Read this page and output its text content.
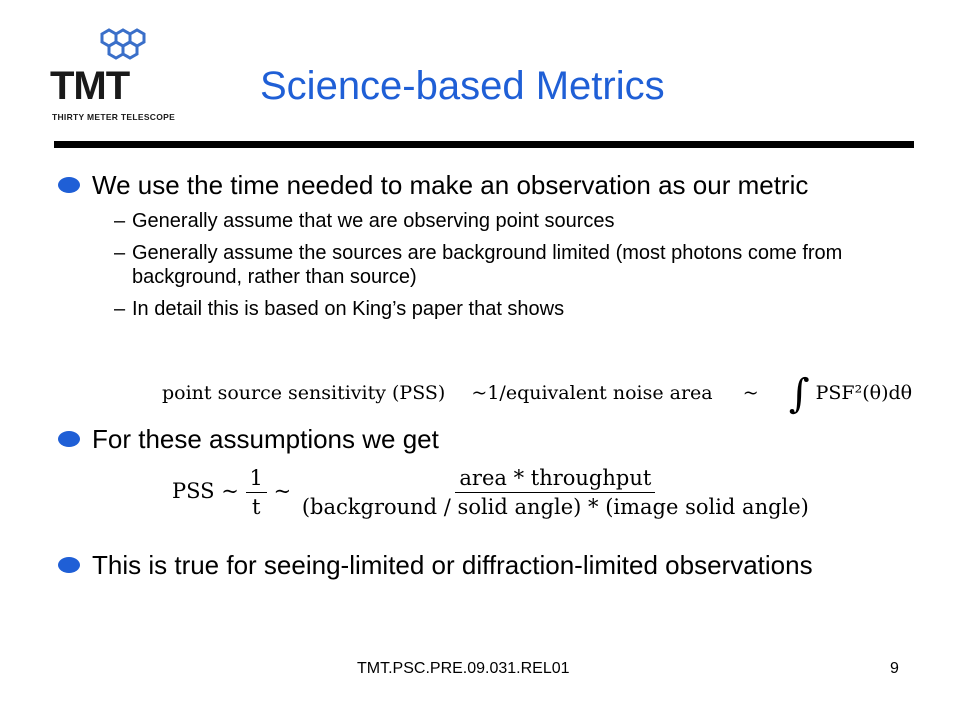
TMT
THIRTY METER TELESCOPE
Science-based Metrics
We use the time needed to make an observation as our metric
– Generally assume that we are observing point sources
– Generally assume the sources are background limited (most photons come from background, rather than source)
– In detail this is based on King’s paper that shows
point source sensitivity (PSS) ~1/equivalent noise area ~ ∫ PSF²(θ)dθ
For these assumptions we get
PSS ~ $\frac{1}{t}$ ~ $\frac{\text{area * throughput}}{\text{(background / solid angle) * (image solid angle)}}$
This is true for seeing-limited or diffraction-limited observations
TMT.PSC.PRE.09.031.REL01	9
